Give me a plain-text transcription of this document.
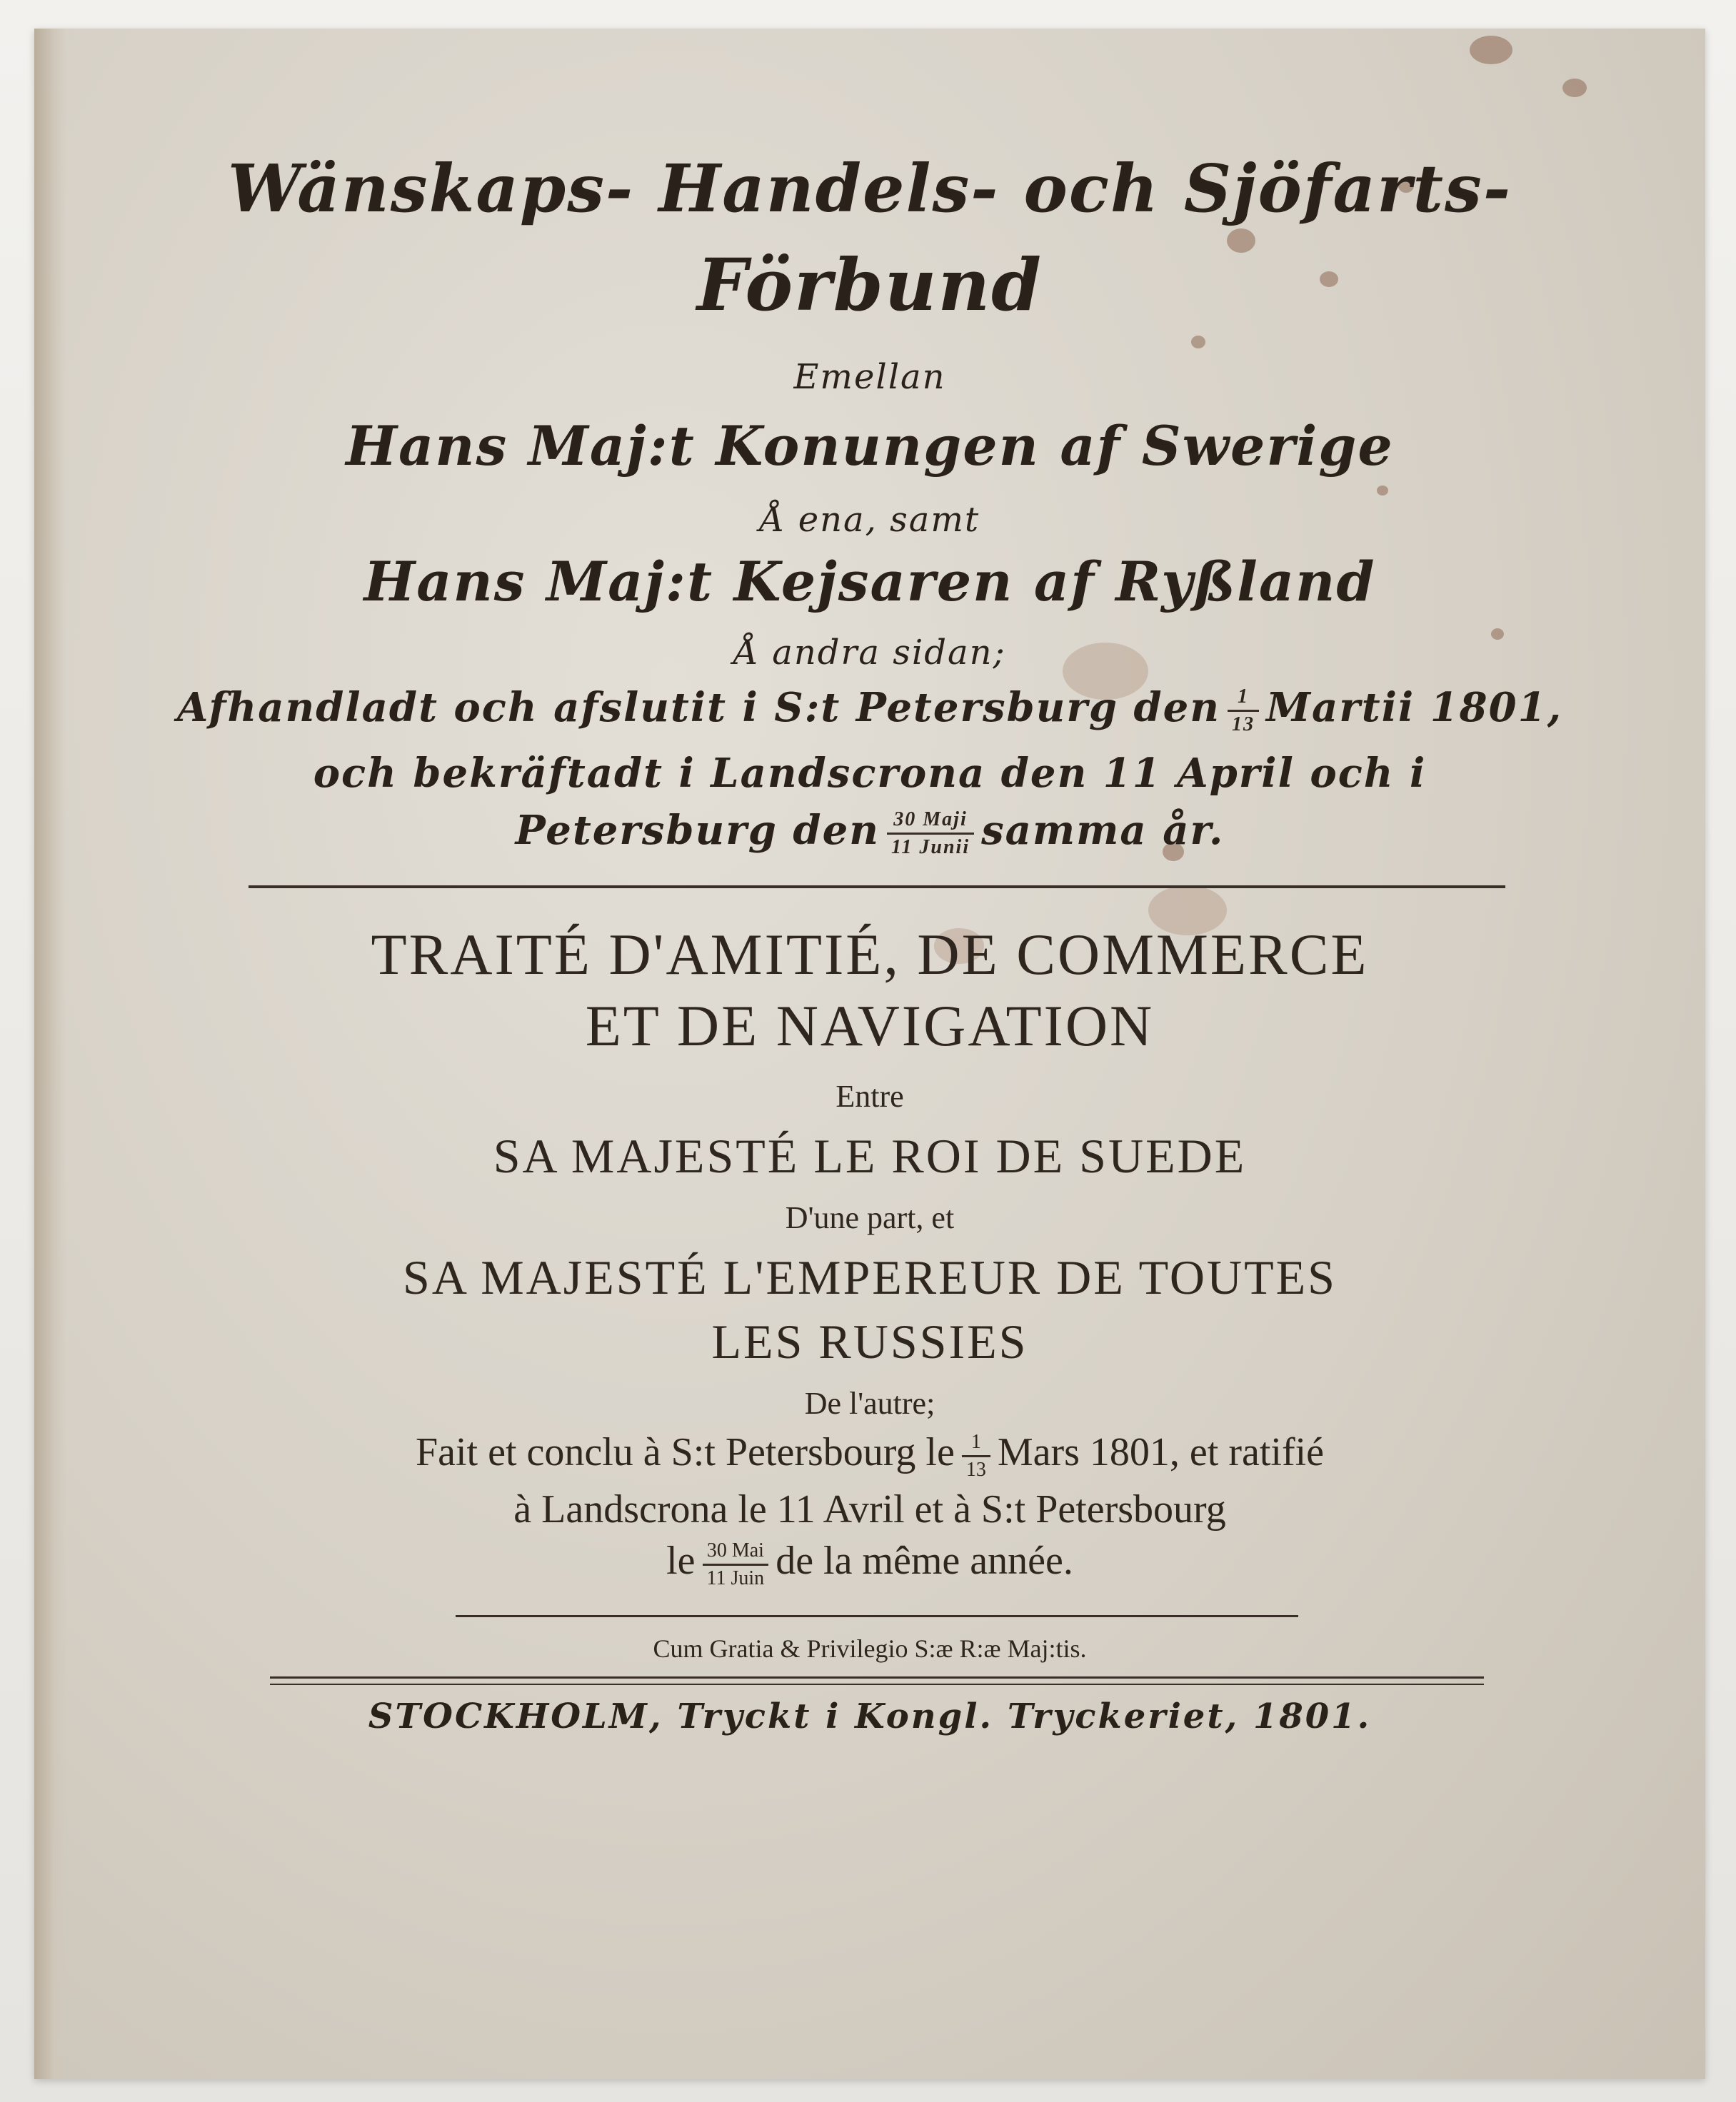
Wänskaps- Handels- och Sjöfarts-
Förbund
Emellan
Hans Maj:t Konungen af Swerige
Å ena, samt
Hans Maj:t Kejsaren af Ryßland
Å andra sidan;
Afhandladt och afslutit i S:t Petersburg den $\frac{1}{13}$ Martii 1801,
och bekräftadt i Landscrona den 11 April och i
Petersburg den $\frac{\text{30 Maji}}{\text{11 Junii}}$ samma år.
TRAITÉ D'AMITIÉ, DE COMMERCE
ET DE NAVIGATION
Entre
SA MAJESTÉ LE ROI DE SUEDE
D'une part, et
SA MAJESTÉ L'EMPEREUR DE TOUTES
LES RUSSIES
De l'autre;
Fait et conclu à S:t Petersbourg le $\frac{1}{13}$ Mars 1801, et ratifié
à Landscrona le 11 Avril et à S:t Petersbourg
le $\frac{\text{30 Mai}}{\text{11 Juin}}$ de la même année.
Cum Gratia & Privilegio S:æ R:æ Maj:tis.
STOCKHOLM, Tryckt i Kongl. Tryckeriet, 1801.
